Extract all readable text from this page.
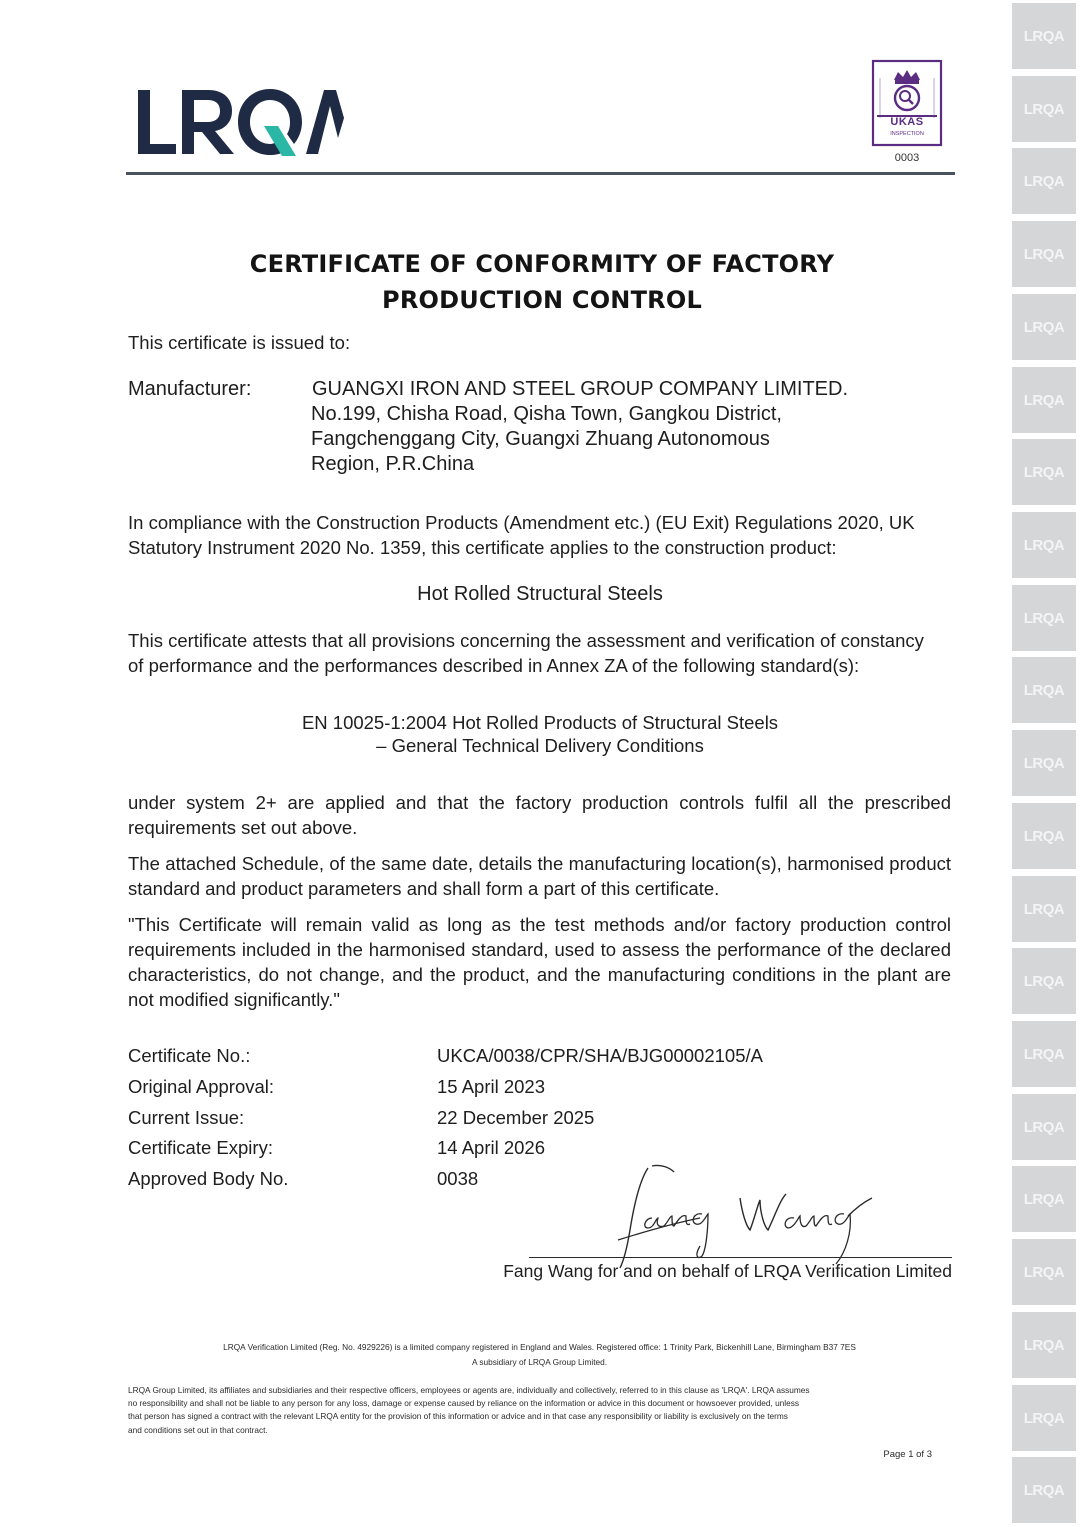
LRQA
LRQA
LRQA
LRQA
LRQA
LRQA
LRQA
LRQA
LRQA
LRQA
LRQA
LRQA
LRQA
LRQA
LRQA
LRQA
LRQA
LRQA
LRQA
LRQA
LRQA
UKAS
INSPECTION
0003
CERTIFICATE OF CONFORMITY OF FACTORY
PRODUCTION CONTROL
This certificate is issued to:
Manufacturer:	GUANGXI IRON AND STEEL GROUP COMPANY LIMITED.
No.199, Chisha Road, Qisha Town, Gangkou District,
Fangchenggang City, Guangxi Zhuang Autonomous
Region, P.R.China
In compliance with the Construction Products (Amendment etc.) (EU Exit) Regulations 2020, UK
Statutory Instrument 2020 No. 1359, this certificate applies to the construction product:
Hot Rolled Structural Steels
This certificate attests that all provisions concerning the assessment and verification of constancy
of performance and the performances described in Annex ZA of the following standard(s):
EN 10025-1:2004 Hot Rolled Products of Structural Steels
– General Technical Delivery Conditions
under system 2+ are applied and that the factory production controls fulfil all the prescribed requirements set out above.
The attached Schedule, of the same date, details the manufacturing location(s), harmonised product standard and product parameters and shall form a part of this certificate.
"This Certificate will remain valid as long as the test methods and/or factory production control requirements included in the harmonised standard, used to assess the performance of the declared characteristics, do not change, and the product, and the manufacturing conditions in the plant are not modified significantly."
Certificate No.:	UKCA/0038/CPR/SHA/BJG00002105/A
Original Approval:	15 April 2023
Current Issue:	22 December 2025
Certificate Expiry:	14 April 2026
Approved Body No.	0038
Fang Wang for and on behalf of LRQA Verification Limited
LRQA Verification Limited (Reg. No. 4929226) is a limited company registered in England and Wales. Registered office: 1 Trinity Park, Bickenhill Lane, Birmingham B37 7ES
A subsidiary of LRQA Group Limited.
LRQA Group Limited, its affiliates and subsidiaries and their respective officers, employees or agents are, individually and collectively, referred to in this clause as 'LRQA'. LRQA assumes
no responsibility and shall not be liable to any person for any loss, damage or expense caused by reliance on the information or advice in this document or howsoever provided, unless
that person has signed a contract with the relevant LRQA entity for the provision of this information or advice and in that case any responsibility or liability is exclusively on the terms
and conditions set out in that contract.
Page 1 of 3
